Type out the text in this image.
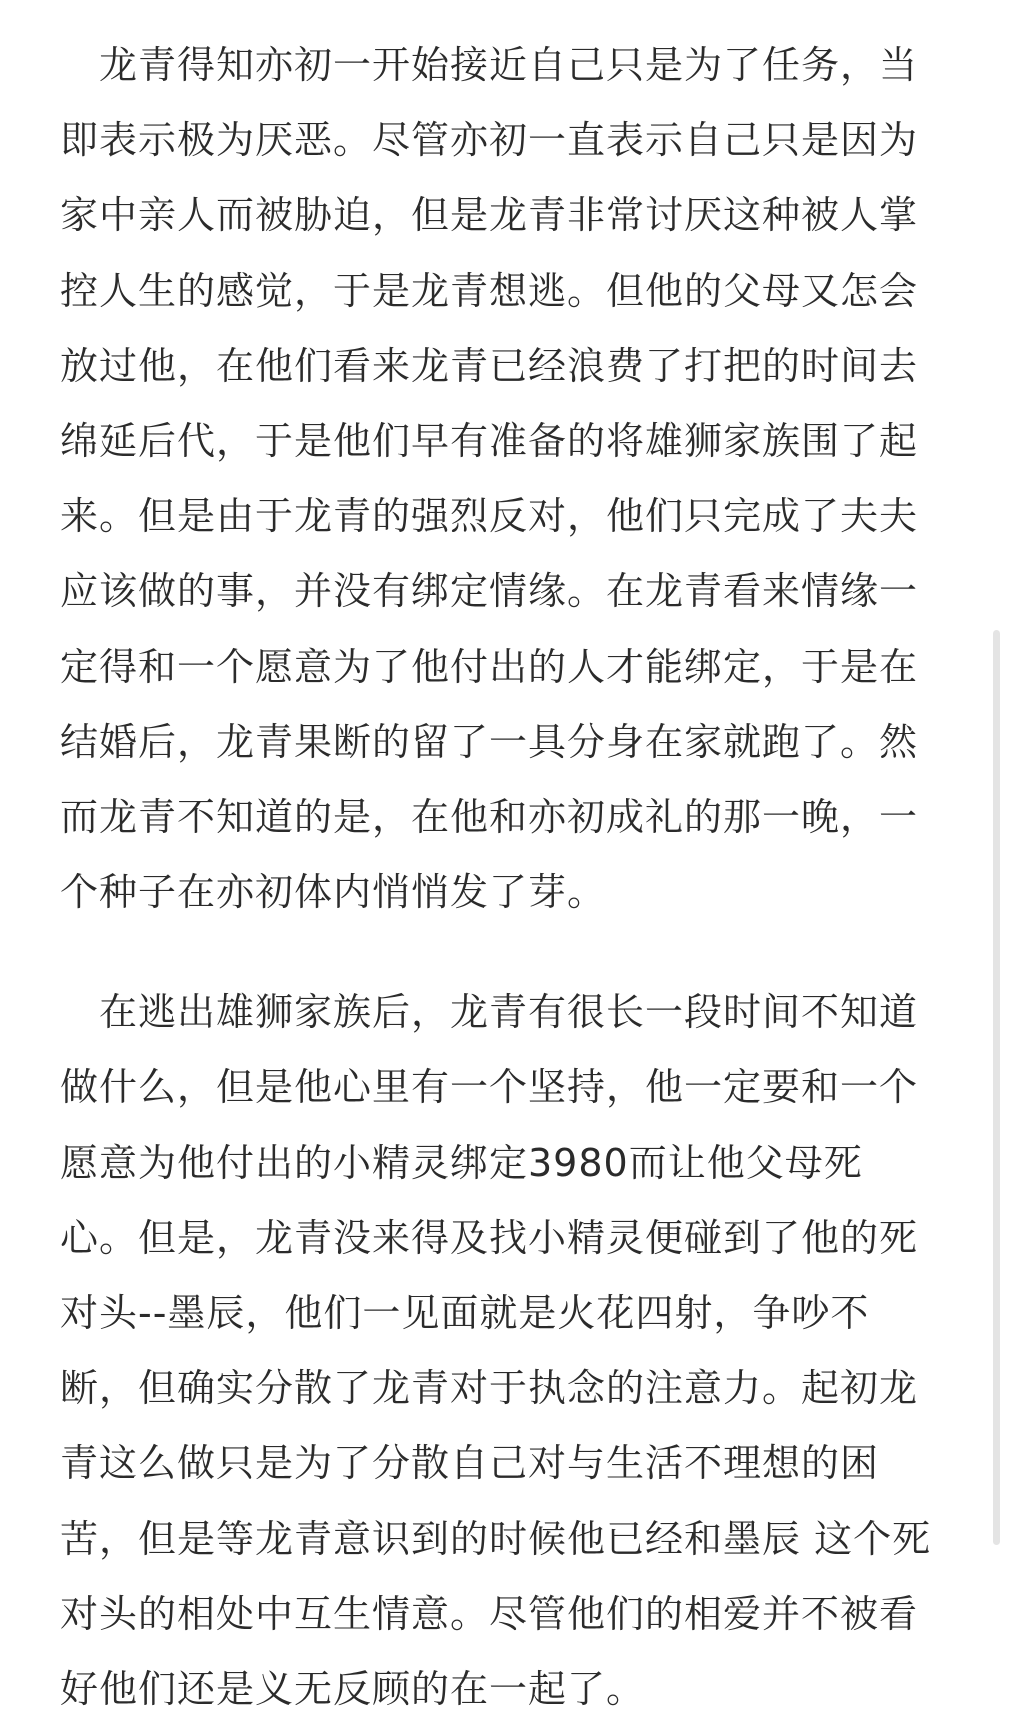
　龙青得知亦初一开始接近自己只是为了任务，当
即表示极为厌恶。尽管亦初一直表示自己只是因为
家中亲人而被胁迫，但是龙青非常讨厌这种被人掌
控人生的感觉，于是龙青想逃。但他的父母又怎会
放过他，在他们看来龙青已经浪费了打把的时间去
绵延后代，于是他们早有准备的将雄狮家族围了起
来。但是由于龙青的强烈反对，他们只完成了夫夫
应该做的事，并没有绑定情缘。在龙青看来情缘一
定得和一个愿意为了他付出的人才能绑定，于是在
结婚后，龙青果断的留了一具分身在家就跑了。然
而龙青不知道的是，在他和亦初成礼的那一晚，一
个种子在亦初体内悄悄发了芽。

　在逃出雄狮家族后，龙青有很长一段时间不知道
做什么，但是他心里有一个坚持，他一定要和一个
愿意为他付出的小精灵绑定3980而让他父母死
心。但是，龙青没来得及找小精灵便碰到了他的死
对头--墨辰，他们一见面就是火花四射，争吵不
断，但确实分散了龙青对于执念的注意力。起初龙
青这么做只是为了分散自己对与生活不理想的困
苦，但是等龙青意识到的时候他已经和墨辰 这个死
对头的相处中互生情意。尽管他们的相爱并不被看
好他们还是义无反顾的在一起了。
